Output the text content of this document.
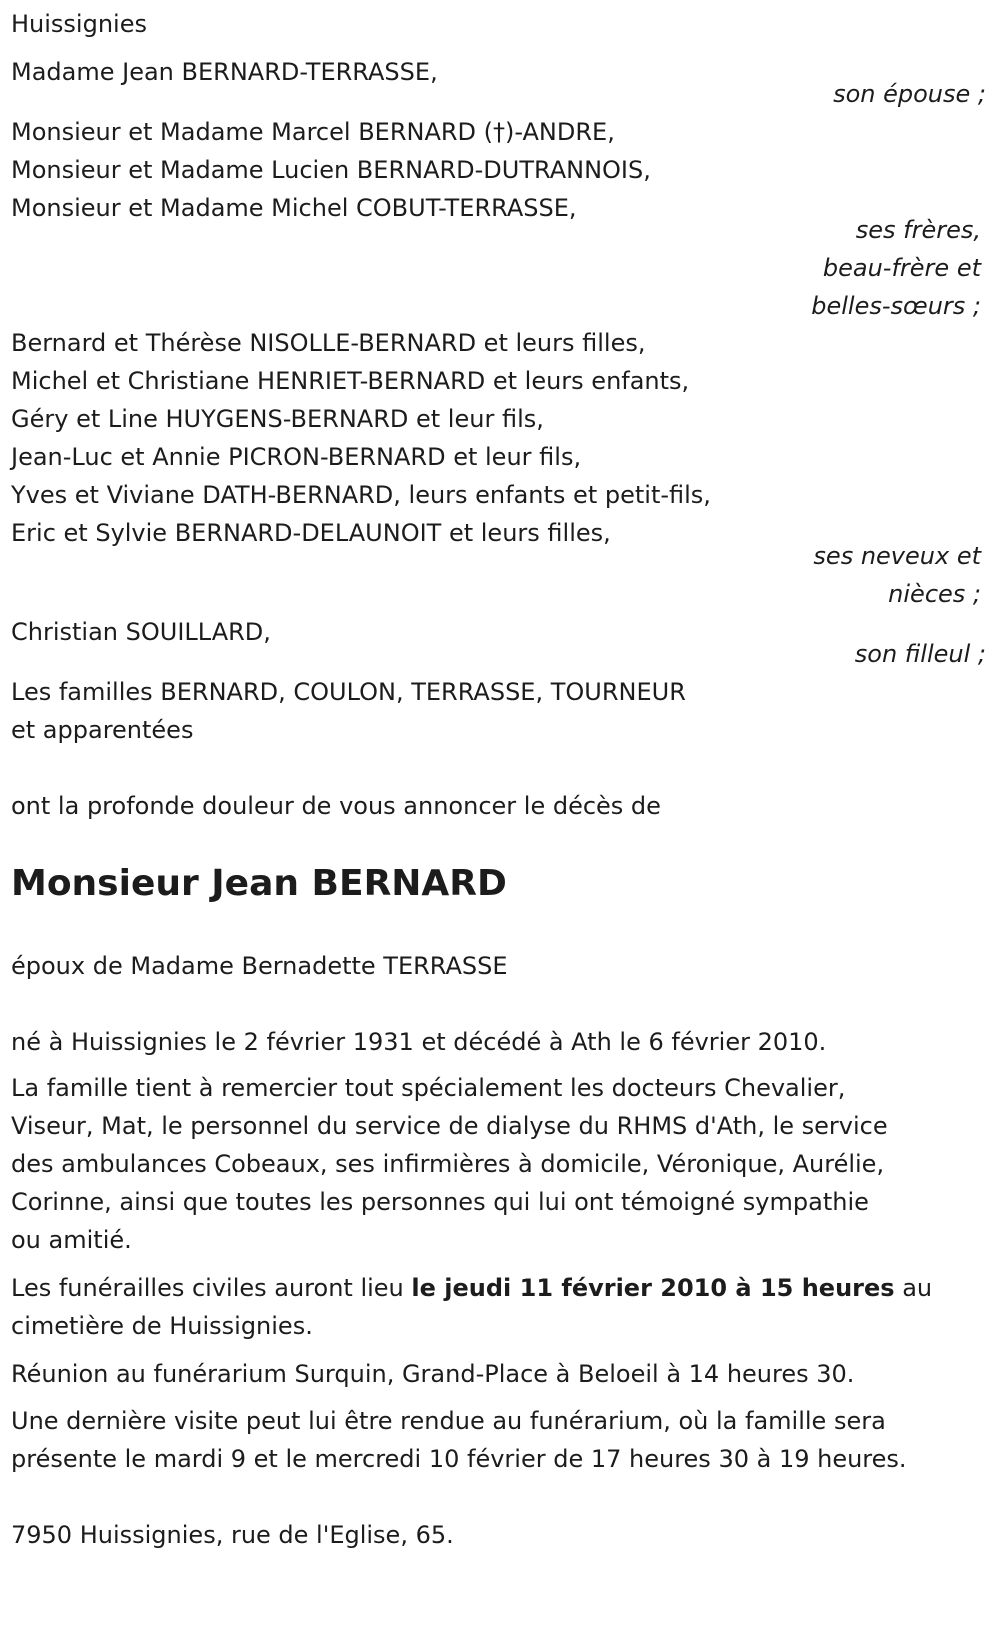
Huissignies
Madame Jean BERNARD-TERRASSE,
son épouse ;
Monsieur et Madame Marcel BERNARD (†)-ANDRE,
Monsieur et Madame Lucien BERNARD-DUTRANNOIS,
Monsieur et Madame Michel COBUT-TERRASSE,
ses frères,
beau-frère et
belles-sœurs ;
Bernard et Thérèse NISOLLE-BERNARD et leurs filles,
Michel et Christiane HENRIET-BERNARD et leurs enfants,
Géry et Line HUYGENS-BERNARD et leur fils,
Jean-Luc et Annie PICRON-BERNARD et leur fils,
Yves et Viviane DATH-BERNARD, leurs enfants et petit-fils,
Eric et Sylvie BERNARD-DELAUNOIT et leurs filles,
ses neveux et
nièces ;
Christian SOUILLARD,
son filleul ;
Les familles BERNARD, COULON, TERRASSE, TOURNEUR
et apparentées
ont la profonde douleur de vous annoncer le décès de
Monsieur Jean BERNARD
époux de Madame Bernadette TERRASSE
né à Huissignies le 2 février 1931 et décédé à Ath le 6 février 2010.
La famille tient à remercier tout spécialement les docteurs Chevalier,
Viseur, Mat, le personnel du service de dialyse du RHMS d'Ath, le service
des ambulances Cobeaux, ses infirmières à domicile, Véronique, Aurélie,
Corinne, ainsi que toutes les personnes qui lui ont témoigné sympathie
ou amitié.
Les funérailles civiles auront lieu le jeudi 11 février 2010 à 15 heures au
cimetière de Huissignies.
Réunion au funérarium Surquin, Grand-Place à Beloeil à 14 heures 30.
Une dernière visite peut lui être rendue au funérarium, où la famille sera
présente le mardi 9 et le mercredi 10 février de 17 heures 30 à 19 heures.
7950 Huissignies, rue de l'Eglise, 65.
